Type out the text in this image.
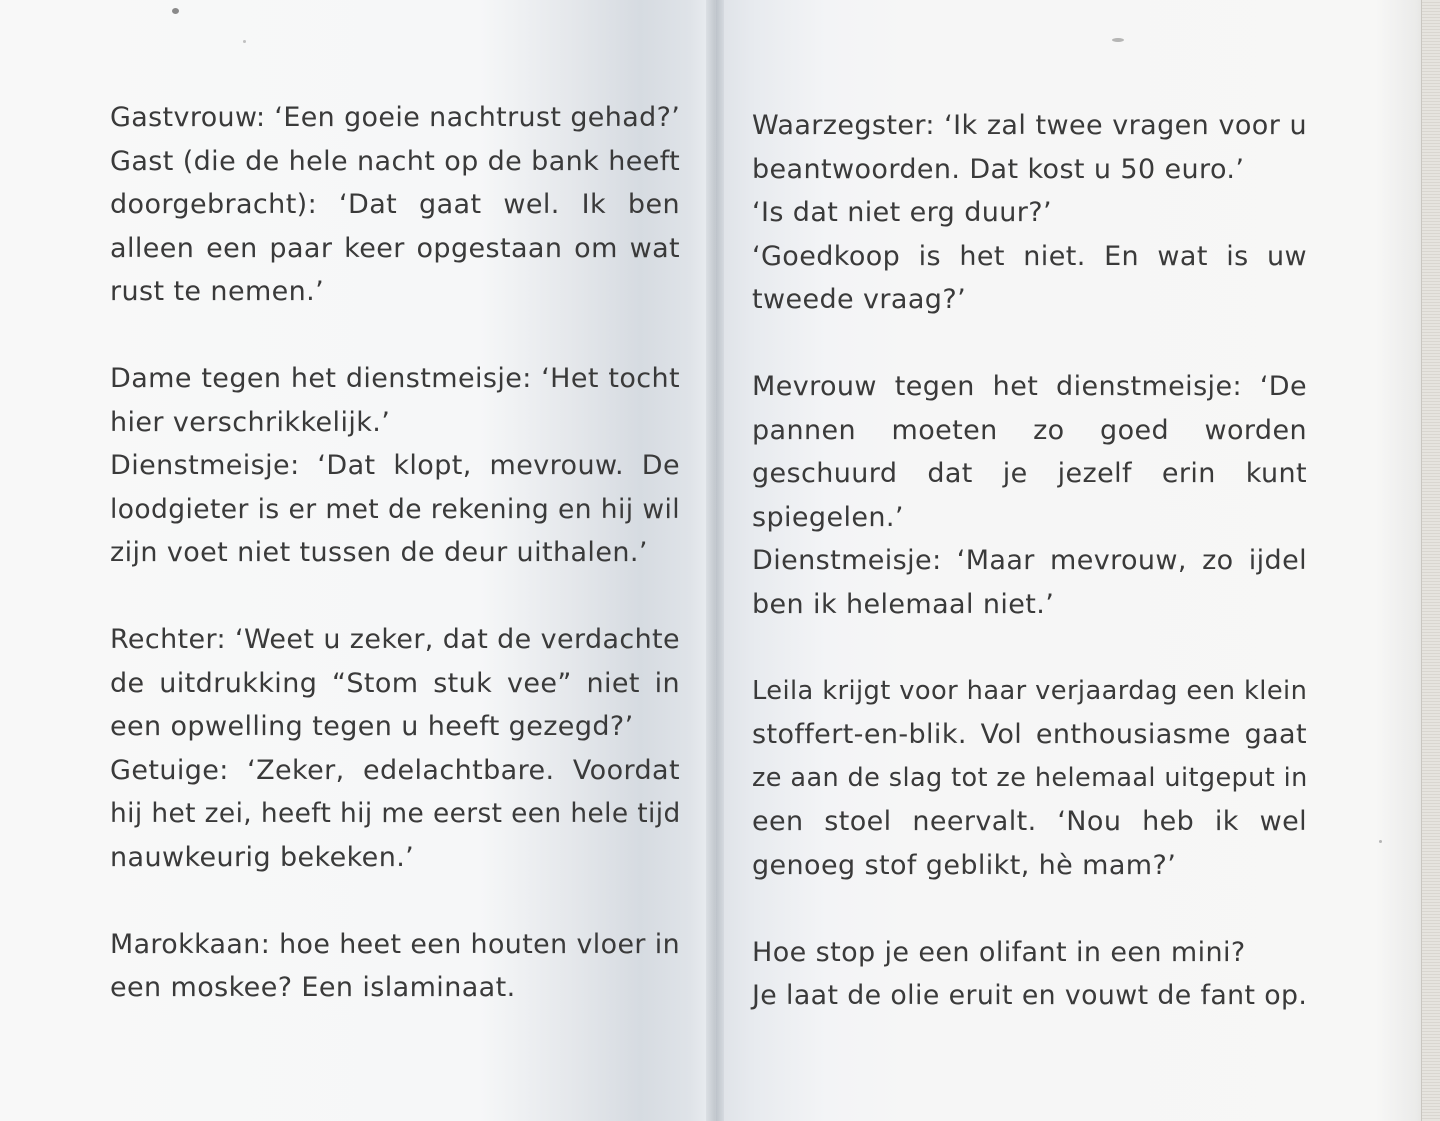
Gastvrouw: ‘Een goeie nachtrust gehad?’
Gast (die de hele nacht op de bank heeft
doorgebracht): ‘Dat gaat wel. Ik ben
alleen een paar keer opgestaan om wat
rust te nemen.’
Dame tegen het dienstmeisje: ‘Het tocht
hier verschrikkelijk.’
Dienstmeisje: ‘Dat klopt, mevrouw. De
loodgieter is er met de rekening en hij wil
zijn voet niet tussen de deur uithalen.’
Rechter: ‘Weet u zeker, dat de verdachte
de uitdrukking “Stom stuk vee” niet in
een opwelling tegen u heeft gezegd?’
Getuige: ‘Zeker, edelachtbare. Voordat
hij het zei, heeft hij me eerst een hele tijd
nauwkeurig bekeken.’
Marokkaan: hoe heet een houten vloer in
een moskee? Een islaminaat.
Waarzegster: ‘Ik zal twee vragen voor u
beantwoorden. Dat kost u 50 euro.’
‘Is dat niet erg duur?’
‘Goedkoop is het niet. En wat is uw
tweede vraag?’
Mevrouw tegen het dienstmeisje: ‘De
pannen moeten zo goed worden
geschuurd dat je jezelf erin kunt
spiegelen.’
Dienstmeisje: ‘Maar mevrouw, zo ijdel
ben ik helemaal niet.’
Leila krijgt voor haar verjaardag een klein
stoffert-en-blik. Vol enthousiasme gaat
ze aan de slag tot ze helemaal uitgeput in
een stoel neervalt. ‘Nou heb ik wel
genoeg stof geblikt, hè mam?’
Hoe stop je een olifant in een mini?
Je laat de olie eruit en vouwt de fant op.
